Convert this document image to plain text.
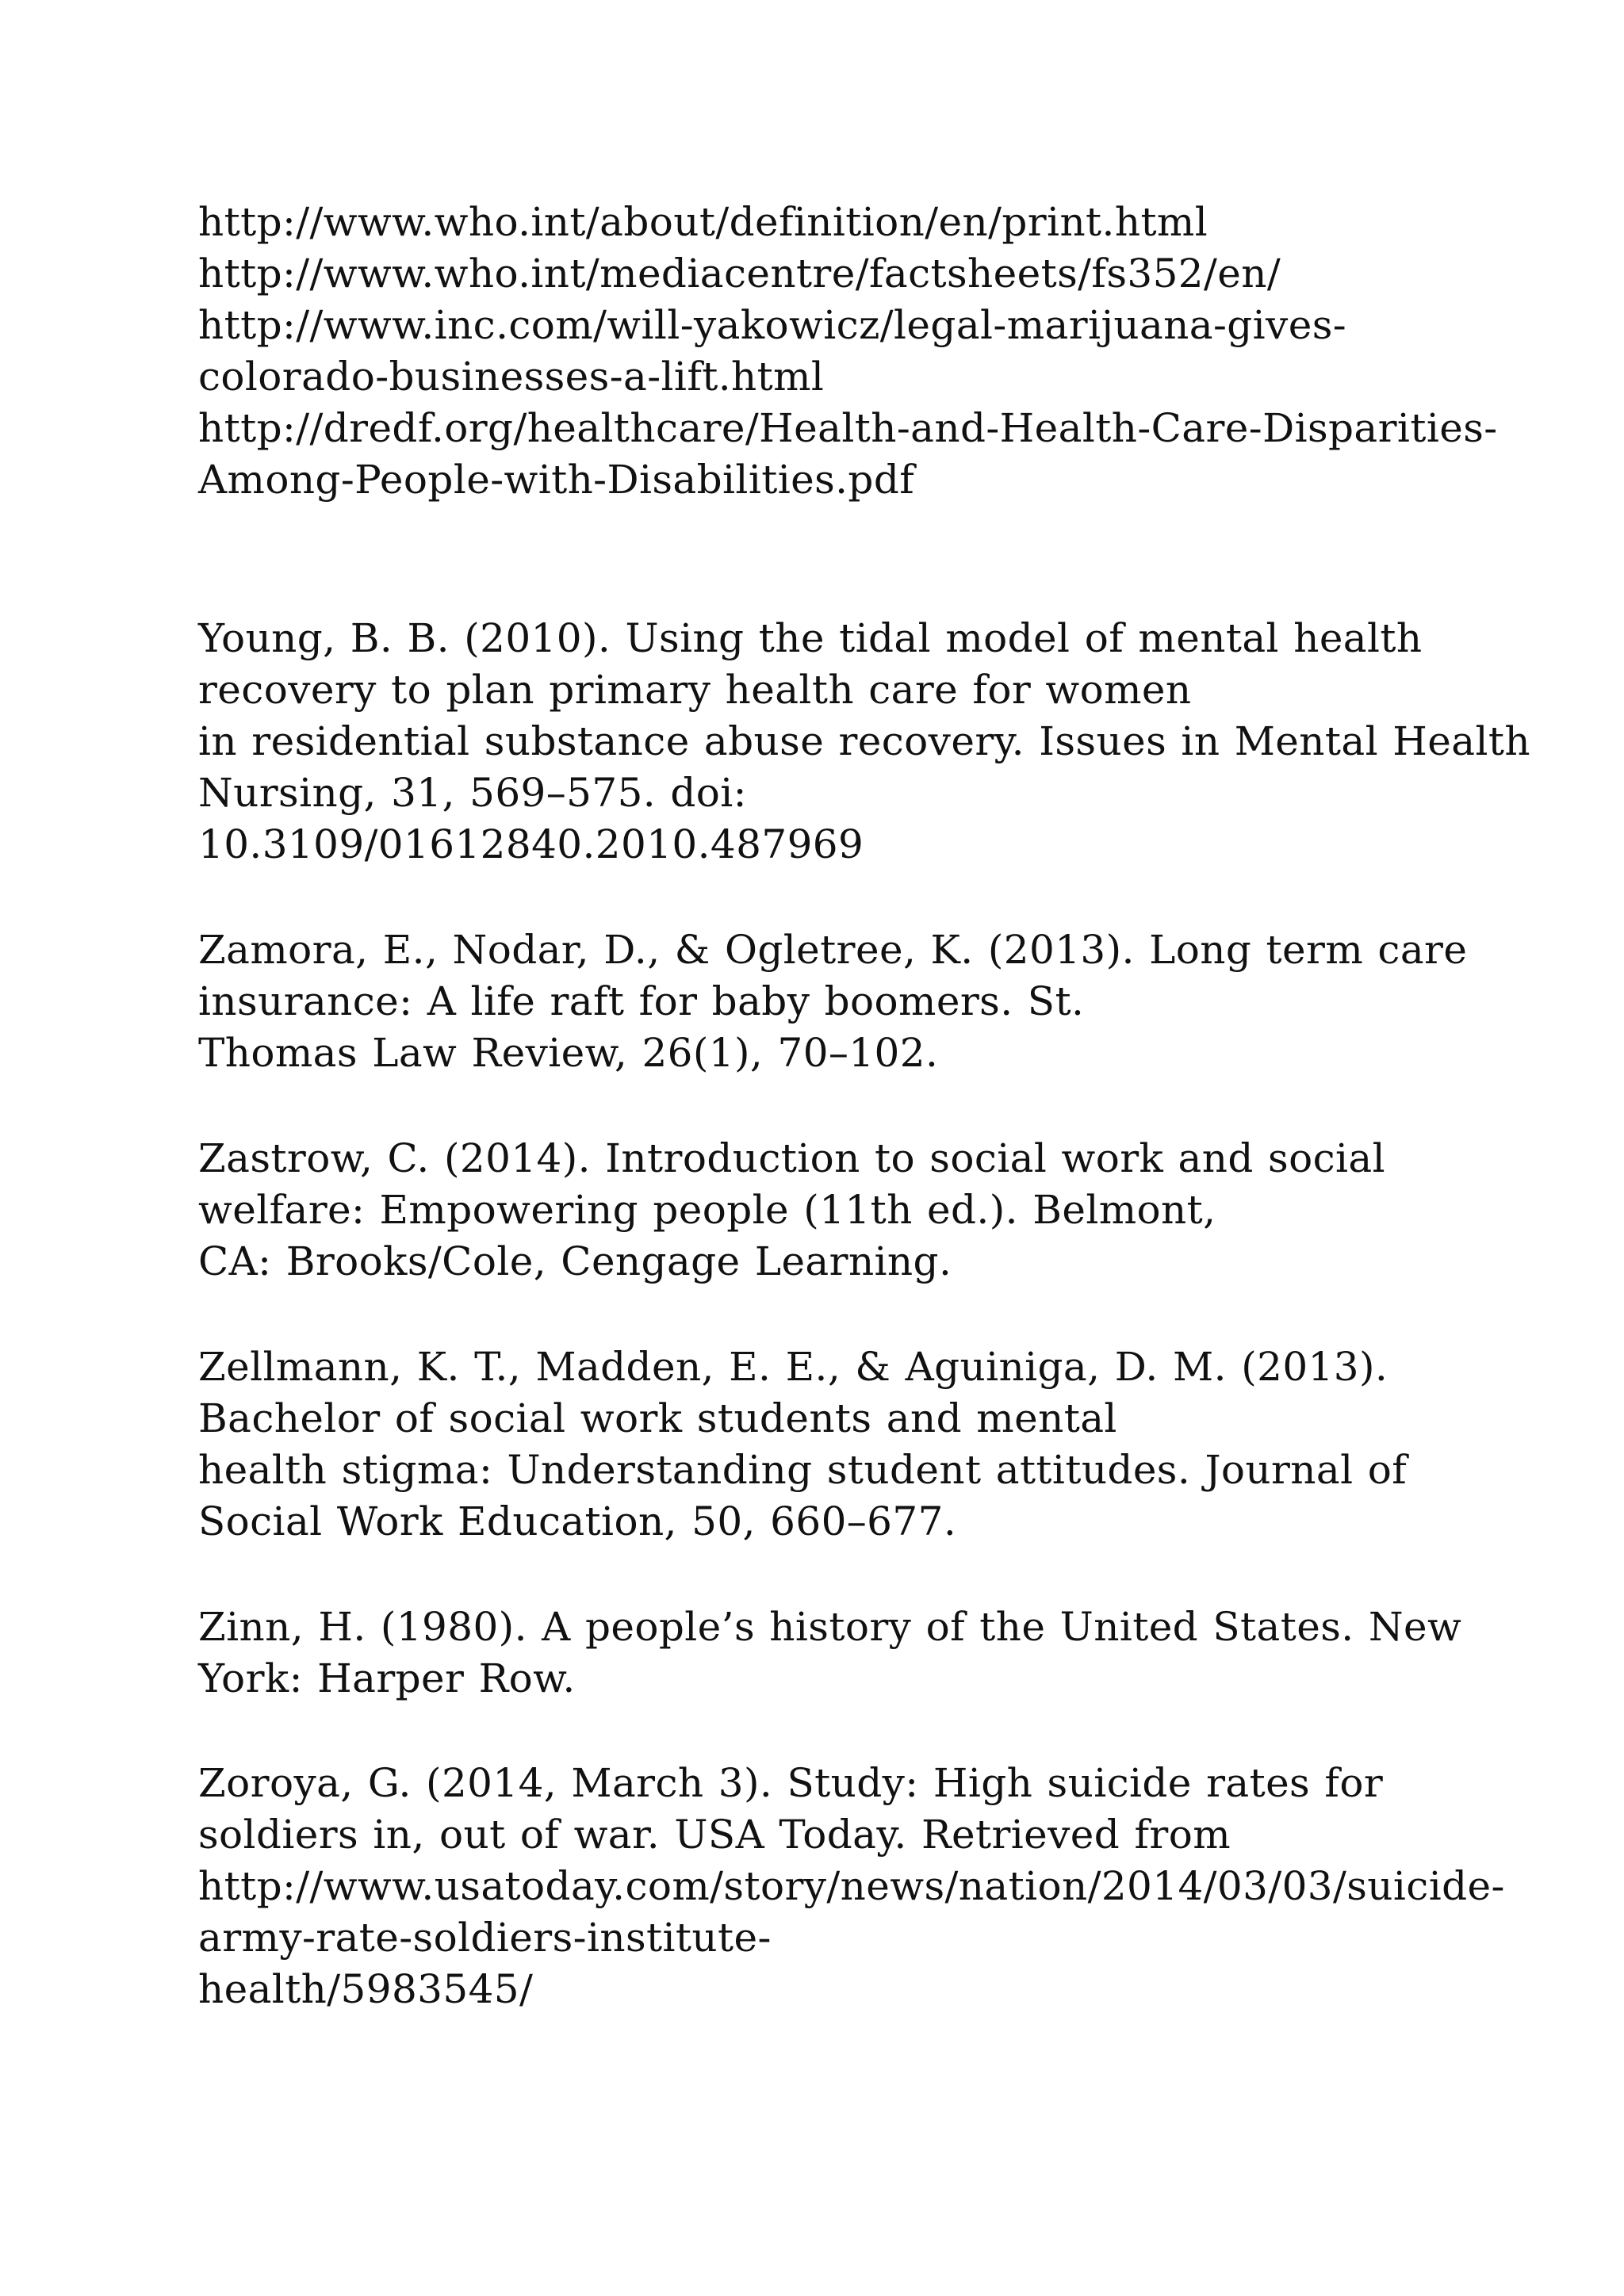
http://www.who.int/about/definition/en/print.html
http://www.who.int/mediacentre/factsheets/fs352/en/
http://www.inc.com/will-yakowicz/legal-marijuana-gives-
colorado-businesses-a-lift.html
http://dredf.org/healthcare/Health-and-Health-Care-Disparities-
Among-People-with-Disabilities.pdf
Young, B. B. (2010). Using the tidal model of mental health
recovery to plan primary health care for women
in residential substance abuse recovery. Issues in Mental Health
Nursing, 31, 569–575. doi:
10.3109/01612840.2010.487969
Zamora, E., Nodar, D., & Ogletree, K. (2013). Long term care
insurance: A life raft for baby boomers. St.
Thomas Law Review, 26(1), 70–102.
Zastrow, C. (2014). Introduction to social work and social
welfare: Empowering people (11th ed.). Belmont,
CA: Brooks/Cole, Cengage Learning.
Zellmann, K. T., Madden, E. E., & Aguiniga, D. M. (2013).
Bachelor of social work students and mental
health stigma: Understanding student attitudes. Journal of
Social Work Education, 50, 660–677.
Zinn, H. (1980). A people’s history of the United States. New
York: Harper Row.
Zoroya, G. (2014, March 3). Study: High suicide rates for
soldiers in, out of war. USA Today. Retrieved from
http://www.usatoday.com/story/news/nation/2014/03/03/suicide-
army-rate-soldiers-institute-
health/5983545/
